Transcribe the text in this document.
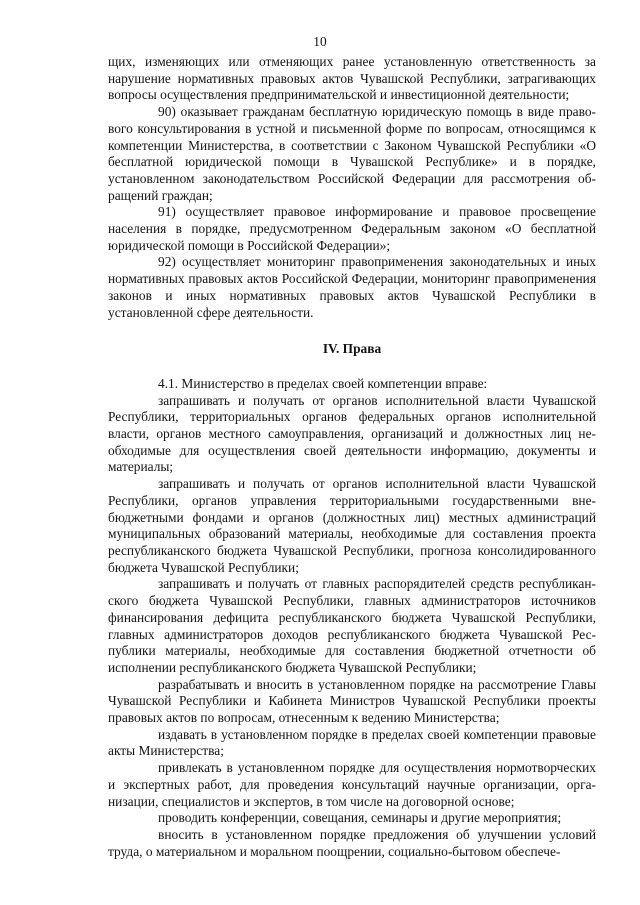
10

щих, изменяющих или отменяющих ранее установленную ответственность за нарушение нормативных правовых актов Чувашской Республики, затрагивающих вопросы осуществления предпринимательской и инвестиционной деятельности;

90) оказывает гражданам бесплатную юридическую помощь в виде правового консультирования в устной и письменной форме по вопросам, относящимся к компетенции Министерства, в соответствии с Законом Чувашской Республики «О бесплатной юридической помощи в Чувашской Республике» и в порядке, установленном законодательством Российской Федерации для рассмотрения обращений граждан;

91) осуществляет правовое информирование и правовое просвещение населения в порядке, предусмотренном Федеральным законом «О бесплатной юридической помощи в Российской Федерации»;

92) осуществляет мониторинг правоприменения законодательных и иных нормативных правовых актов Российской Федерации, мониторинг правоприменения законов и иных нормативных правовых актов Чувашской Республики в установленной сфере деятельности.

IV. Права

4.1. Министерство в пределах своей компетенции вправе:

запрашивать и получать от органов исполнительной власти Чувашской Республики, территориальных органов федеральных органов исполнительной власти, органов местного самоуправления, организаций и должностных лиц необходимые для осуществления своей деятельности информацию, документы и материалы;

запрашивать и получать от органов исполнительной власти Чувашской Республики, органов управления территориальными государственными внебюджетными фондами и органов (должностных лиц) местных администраций муниципальных образований материалы, необходимые для составления проекта республиканского бюджета Чувашской Республики, прогноза консолидированного бюджета Чувашской Республики;

запрашивать и получать от главных распорядителей средств республиканского бюджета Чувашской Республики, главных администраторов источников финансирования дефицита республиканского бюджета Чувашской Республики, главных администраторов доходов республиканского бюджета Чувашской Республики материалы, необходимые для составления бюджетной отчетности об исполнении республиканского бюджета Чувашской Республики;

разрабатывать и вносить в установленном порядке на рассмотрение Главы Чувашской Республики и Кабинета Министров Чувашской Республики проекты правовых актов по вопросам, отнесенным к ведению Министерства;

издавать в установленном порядке в пределах своей компетенции правовые акты Министерства;

привлекать в установленном порядке для осуществления нормотворческих и экспертных работ, для проведения консультаций научные организации, организации, специалистов и экспертов, в том числе на договорной основе;

проводить конференции, совещания, семинары и другие мероприятия;

вносить в установленном порядке предложения об улучшении условий труда, о материальном и моральном поощрении, социально-бытовом обеспече-
